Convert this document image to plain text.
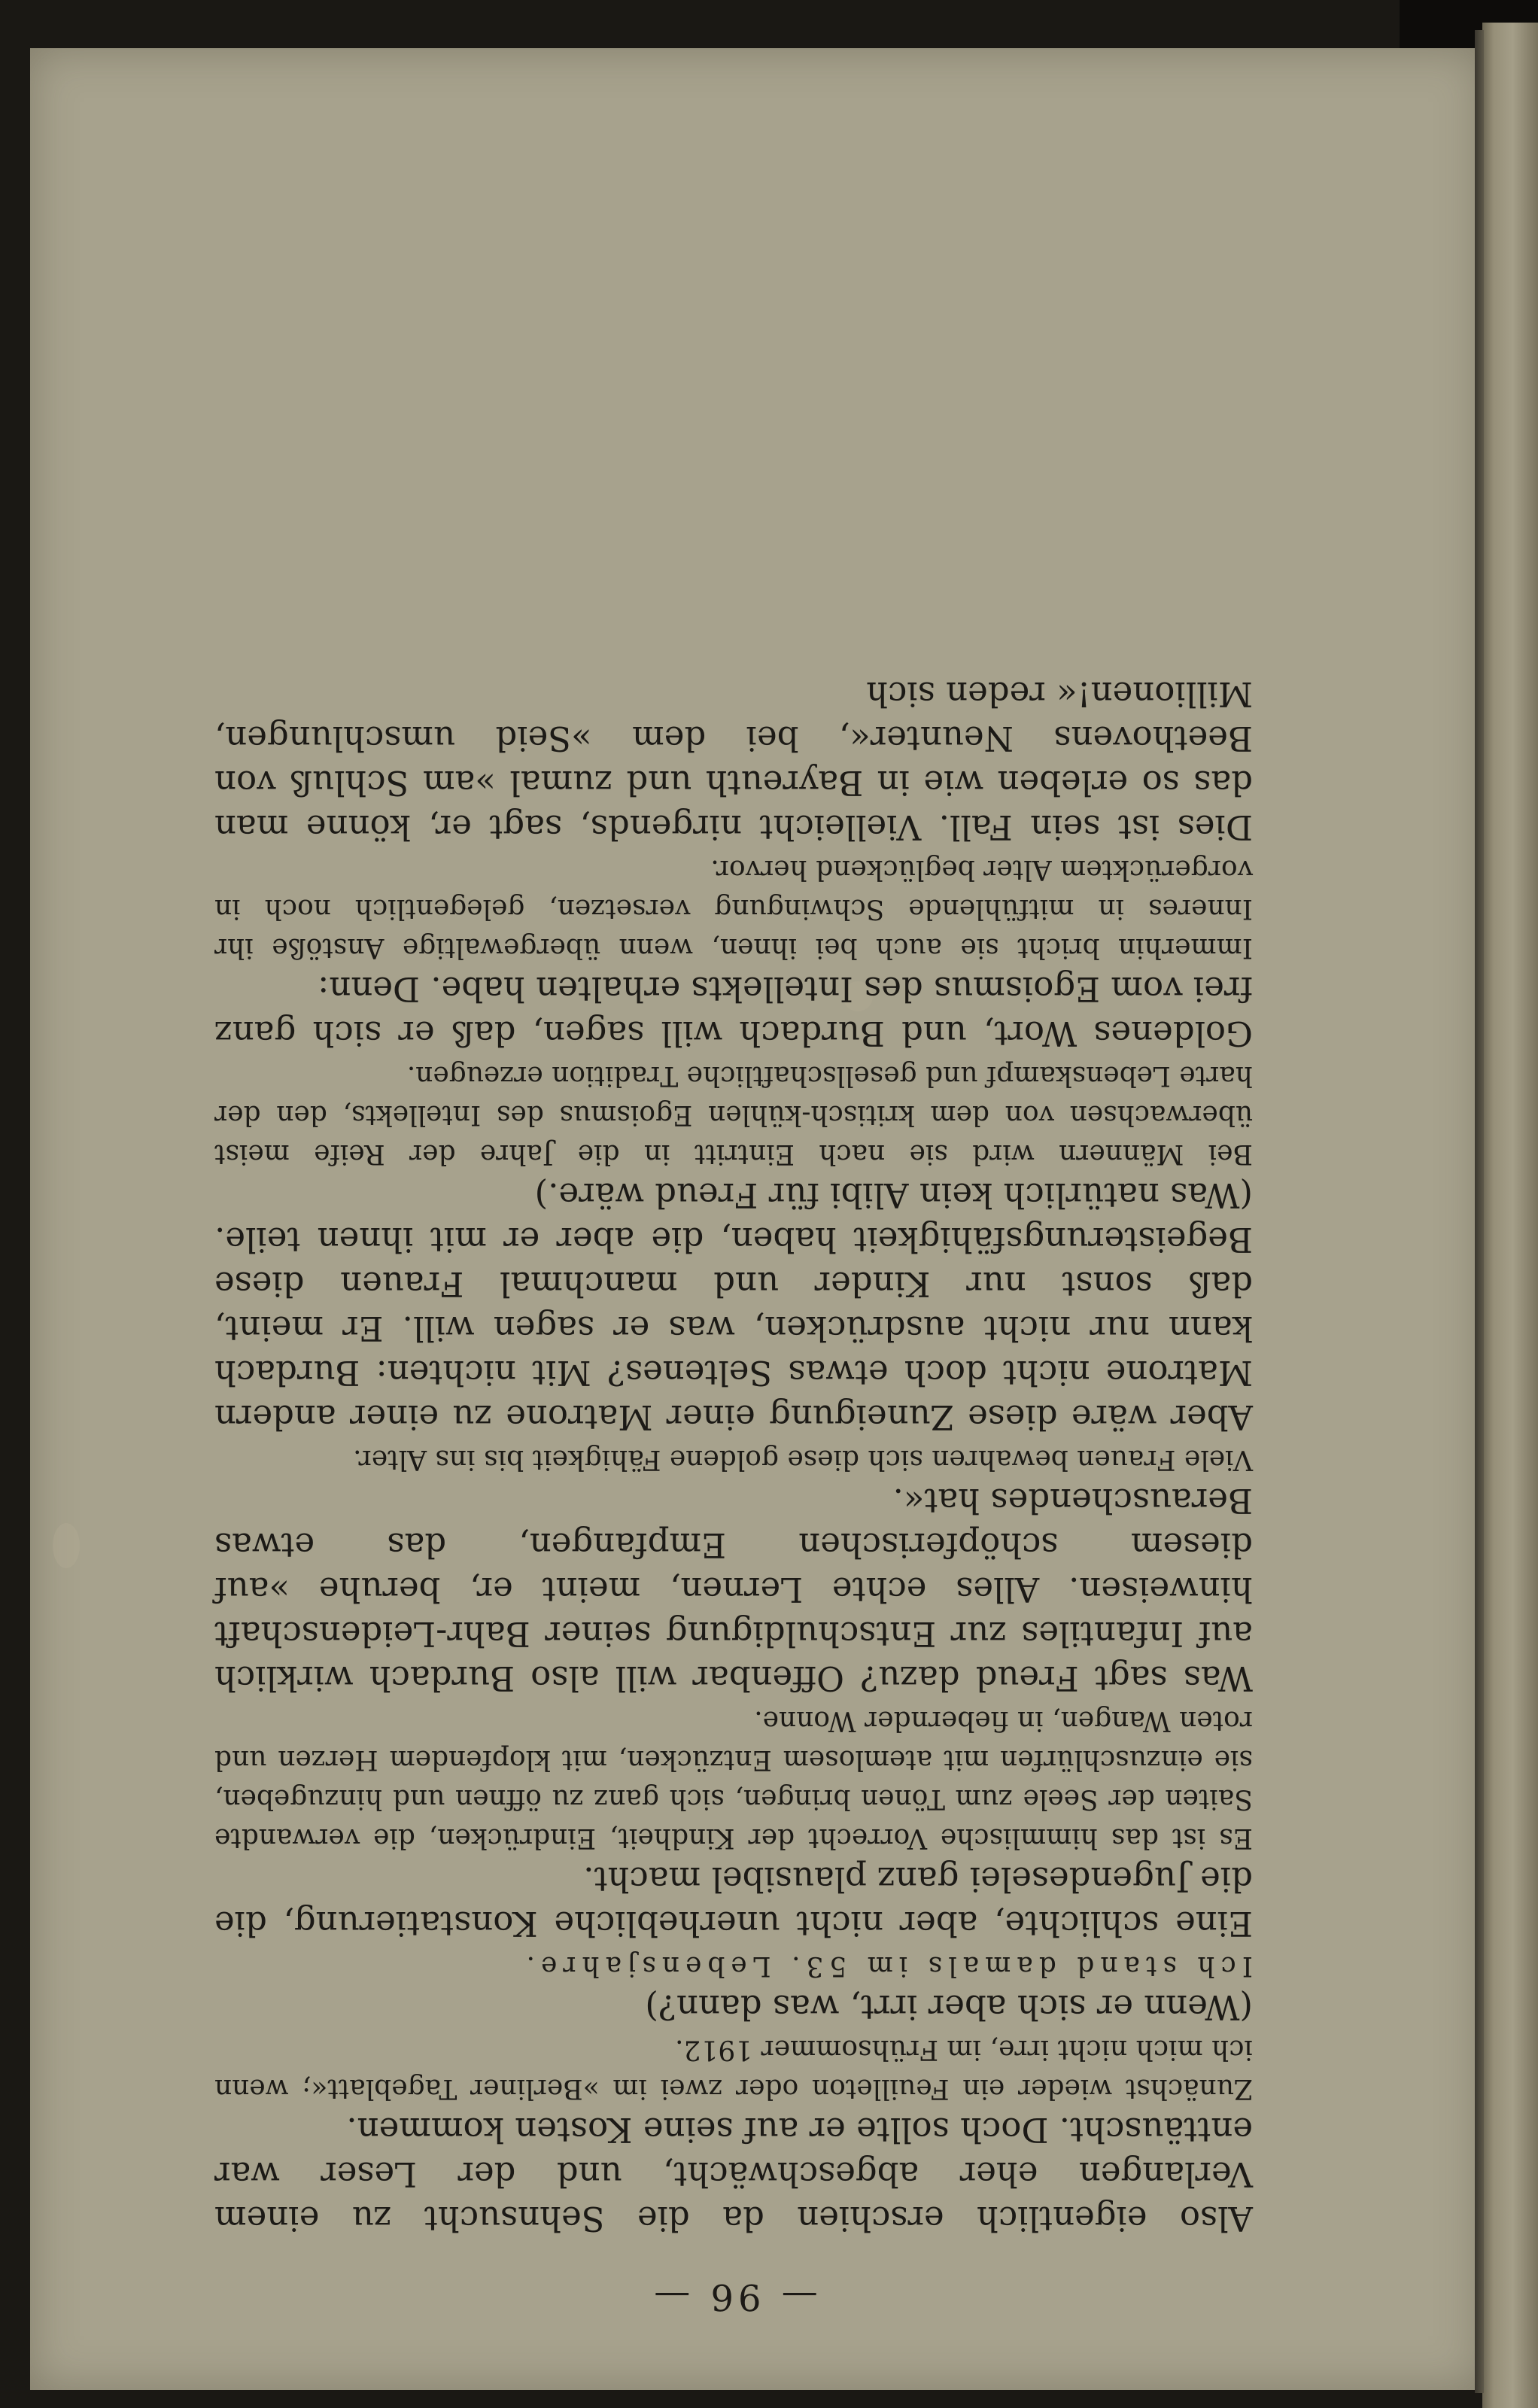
— 96 —

Also eigentlich erschien da die Sehnsucht zu einem Verlangen eher abgeschwächt, und der Leser war enttäuscht. Doch sollte er auf seine Kosten kommen.

Zunächst wieder ein Feuilleton oder zwei im »Berliner Tageblatt«; wenn ich mich nicht irre, im Frühsommer 1912.

(Wenn er sich aber irrt, was dann?)

Ich stand damals im 53. Lebensjahre.

Eine schlichte, aber nicht unerhebliche Konstatierung, die die Jugendeselei ganz plausibel macht.

Es ist das himmlische Vorrecht der Kindheit, Eindrücken, die verwandte Saiten der Seele zum Tönen bringen, sich ganz zu öffnen und hinzugeben, sie einzuschlürfen mit atemlosem Entzücken, mit klopfendem Herzen und roten Wangen, in fiebernder Wonne.

Was sagt Freud dazu? Offenbar will also Burdach wirklich auf Infantiles zur Entschuldigung seiner Bahr-Leidenschaft hinweisen. Alles echte Lernen, meint er, beruhe »auf diesem schöpferischen Empfangen, das etwas Berauschendes hat«.

Viele Frauen bewahren sich diese goldene Fähigkeit bis ins Alter.

Aber wäre diese Zuneigung einer Matrone zu einer andern Matrone nicht doch etwas Seltenes? Mit nichten: Burdach kann nur nicht ausdrücken, was er sagen will. Er meint, daß sonst nur Kinder und manchmal Frauen diese Begeisterungsfähigkeit haben, die aber er mit ihnen teile. (Was natürlich kein Alibi für Freud wäre.)

Bei Männern wird sie nach Eintritt in die Jahre der Reife meist überwachsen von dem kritisch-kühlen Egoismus des Intellekts, den der harte Lebenskampf und gesellschaftliche Tradition erzeugen.

Goldenes Wort, und Burdach will sagen, daß er sich ganz frei vom Egoismus des Intellekts erhalten habe. Denn:

Immerhin bricht sie auch bei ihnen, wenn übergewaltige Anstöße ihr Inneres in mitfühlende Schwingung versetzen, gelegentlich noch in vorgerücktem Alter beglückend hervor.

Dies ist sein Fall. Vielleicht nirgends, sagt er, könne man das so erleben wie in Bayreuth und zumal »am Schluß von Beethovens Neunter«, bei dem »Seid umschlungen, Millionen!« reden sich
